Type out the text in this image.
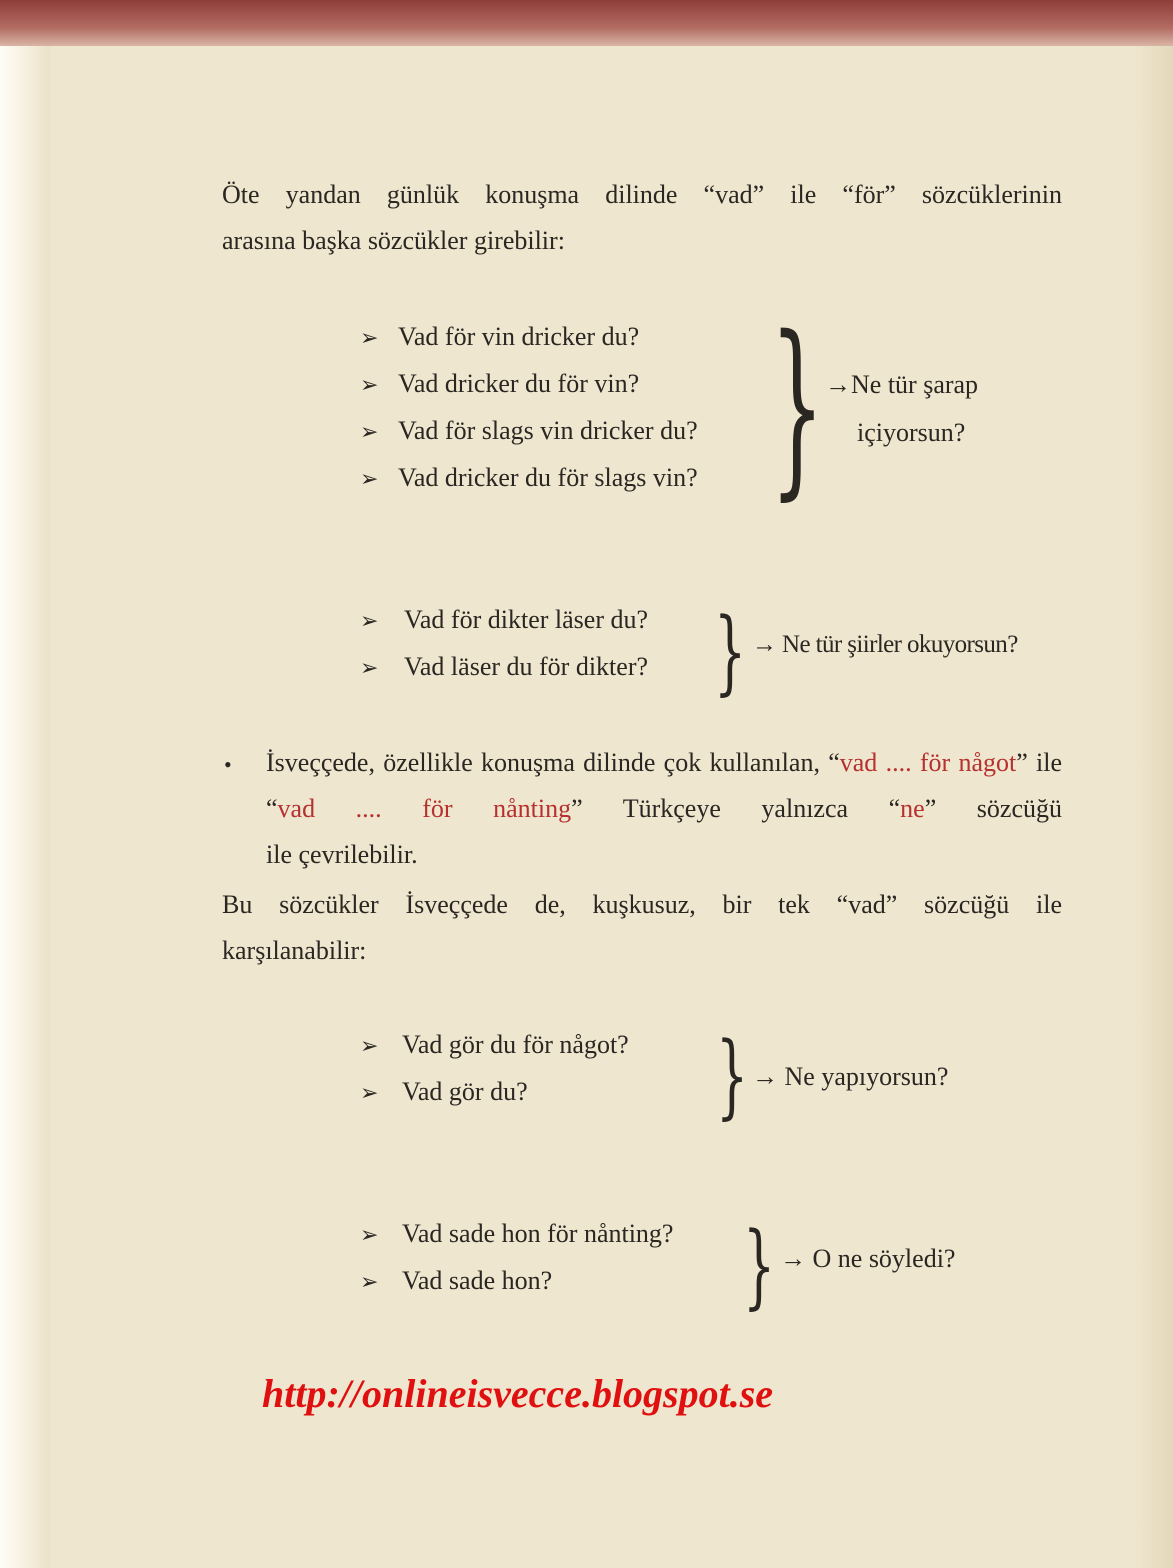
Öte yandan günlük konuşma dilinde “vad” ile “för” sözcüklerinin
arasına başka sözcükler girebilir:

➢ Vad för vin dricker du?
➢ Vad dricker du för vin?
➢ Vad för slags vin dricker du?
➢ Vad dricker du för slags vin? } →Ne tür şarap
içiyorsun?
➢ Vad för dikter läser du?
➢ Vad läser du för dikter? } → Ne tür şiirler okuyorsun?
• İsveççede, özellikle konuşma dilinde çok kullanılan, “vad .... för något” ile “vad .... för nånting” Türkçeye yalnızca “ne” sözcüğü
ile çevrilebilir.

Bu sözcükler İsveççede de, kuşkusuz, bir tek “vad” sözcüğü ile
karşılanabilir:

➢ Vad gör du för något?
➢ Vad gör du? } → Ne yapıyorsun?
➢ Vad sade hon för nånting?
➢ Vad sade hon? } → O ne söyledi?
http://onlineisvecce.blogspot.se
